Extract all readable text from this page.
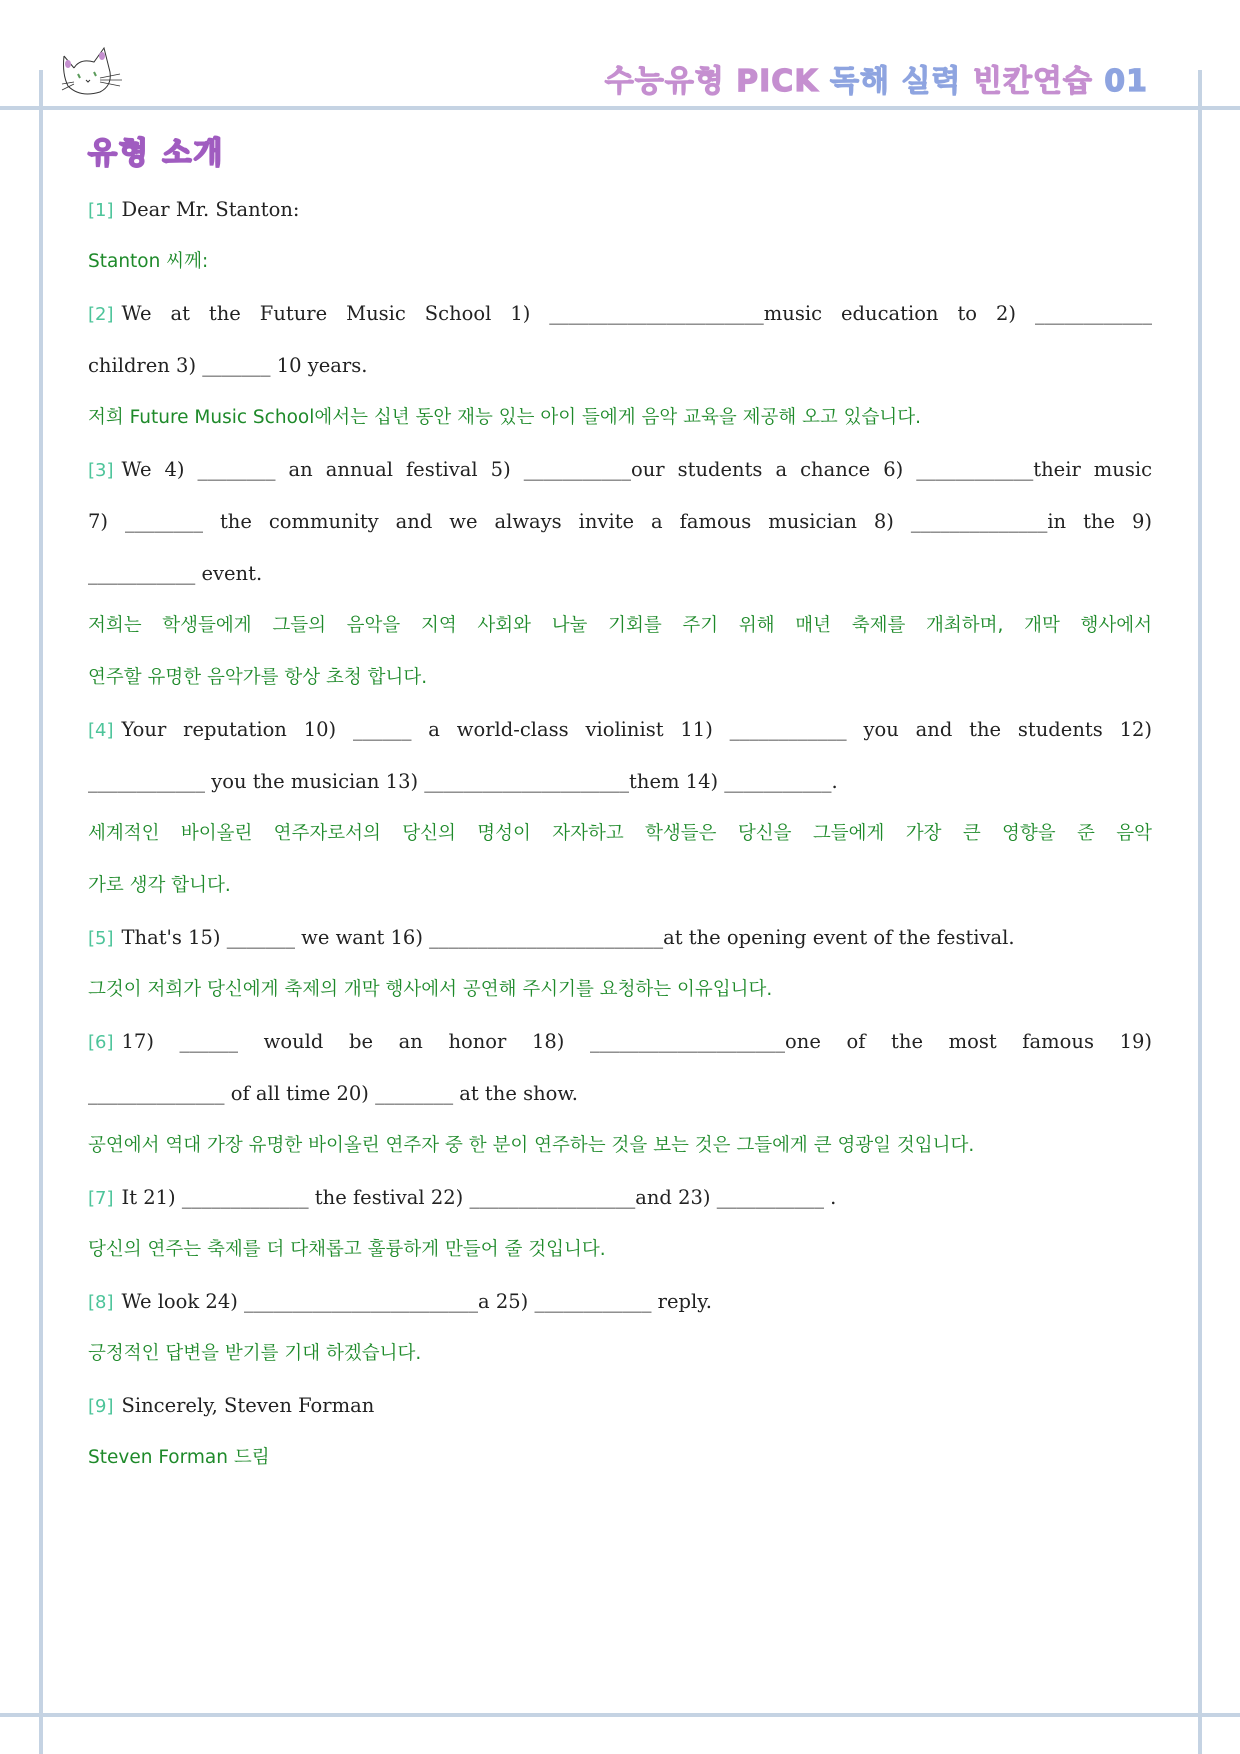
수능유형 PICK 독해 실력 빈칸연습 01
유형 소개
[1] Dear Mr. Stanton:
Stanton 씨께:
[2] We at the Future Music School 1) ______________________music education to 2) ____________
children 3) _______ 10 years.
저희 Future Music School에서는 십년 동안 재능 있는 아이 들에게 음악 교육을 제공해 오고 있습니다.
[3] We 4) ________ an annual festival 5) ___________our students a chance 6) ____________their music
7) ________ the community and we always invite a famous musician 8) ______________in the 9)
___________ event.
저희는 학생들에게 그들의 음악을 지역 사회와 나눌 기회를 주기 위해 매년 축제를 개최하며, 개막 행사에서
연주할 유명한 음악가를 항상 초청 합니다.
[4] Your reputation 10) ______ a world-class violinist 11) ____________ you and the students 12)
____________ you the musician 13) _____________________them 14) ___________.
세계적인 바이올린 연주자로서의 당신의 명성이 자자하고 학생들은 당신을 그들에게 가장 큰 영향을 준 음악
가로 생각 합니다.
[5] That's 15) _______ we want 16) ________________________at the opening event of the festival.
그것이 저희가 당신에게 축제의 개막 행사에서 공연해 주시기를 요청하는 이유입니다.
[6] 17) ______ would be an honor 18) ____________________one of the most famous 19)
______________ of all time 20) ________ at the show.
공연에서 역대 가장 유명한 바이올린 연주자 중 한 분이 연주하는 것을 보는 것은 그들에게 큰 영광일 것입니다.
[7] It 21) _____________ the festival 22) _________________and 23) ___________ .
당신의 연주는 축제를 더 다채롭고 훌륭하게 만들어 줄 것입니다.
[8] We look 24) ________________________a 25) ____________ reply.
긍정적인 답변을 받기를 기대 하겠습니다.
[9] Sincerely, Steven Forman
Steven Forman 드림
